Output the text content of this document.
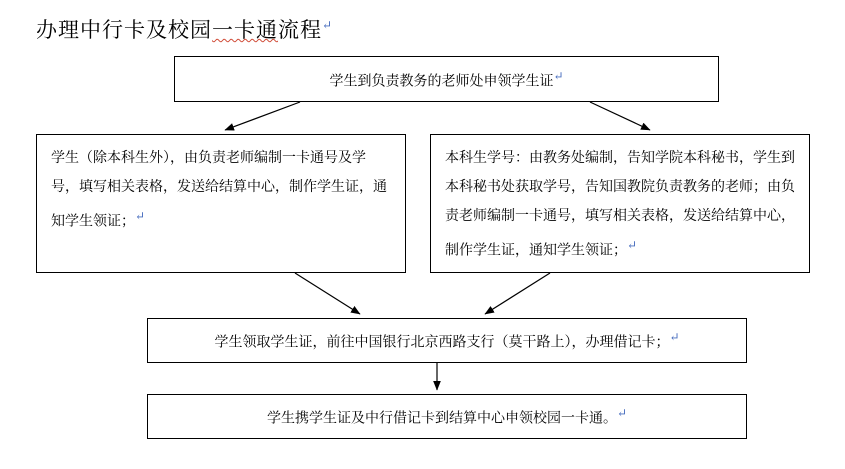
办理中行卡及校园一卡通流程↵
学生到负责教务的老师处申领学生证↵
学生（除本科生外），由负责老师编制一卡通号及学号，填写相关表格，发送给结算中心，制作学生证，通知学生领证；↵
本科生学号：由教务处编制，告知学院本科秘书，学生到本科秘书处获取学号，告知国教院负责教务的老师；由负责老师编制一卡通号，填写相关表格，发送给结算中心，制作学生证，通知学生领证；↵
学生领取学生证，前往中国银行北京西路支行（莫干路上），办理借记卡；↵
学生携学生证及中行借记卡到结算中心申领校园一卡通。↵
